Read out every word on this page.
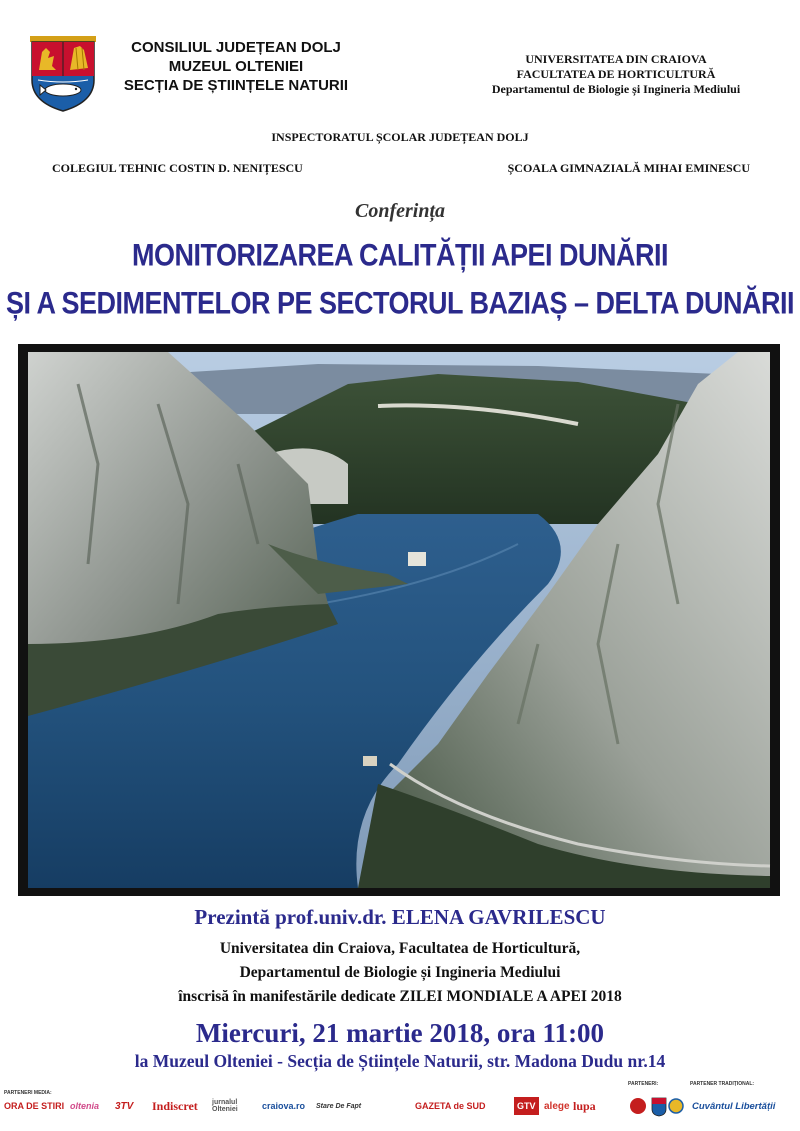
CONSILIUL JUDEȚEAN DOLJ
MUZEUL OLTENIEI
SECȚIA DE ȘTIINȚELE NATURII
UNIVERSITATEA DIN CRAIOVA
FACULTATEA DE HORTICULTURĂ
Departamentul de Biologie și Ingineria Mediului
INSPECTORATUL ȘCOLAR JUDEȚEAN DOLJ
COLEGIUL TEHNIC COSTIN D. NENIȚESCU	ȘCOALA GIMNAZIALĂ MIHAI EMINESCU
Conferința
MONITORIZAREA CALITĂȚII APEI DUNĂRII
ȘI A SEDIMENTELOR PE SECTORUL BAZIAȘ – DELTA DUNĂRII
Prezintă prof.univ.dr. ELENA GAVRILESCU
Universitatea din Craiova, Facultatea de Horticultură,
Departamentul de Biologie și Ingineria Mediului
înscrisă în manifestările dedicate ZILEI MONDIALE A APEI 2018
Miercuri, 21 martie 2018, ora 11:00
la Muzeul Olteniei - Secția de Științele Naturii, str. Madona Dudu nr.14
PARTENERI MEDIA:
PARTENERI:	PARTENER TRADIȚIONAL:
ORA DE STIRI oltenia 3TV Indiscret jurnalul Olteniei	craiova.ro Stare De Fapt	GAZETA de SUD	GTV alege lupa	Cuvântul Libertății
